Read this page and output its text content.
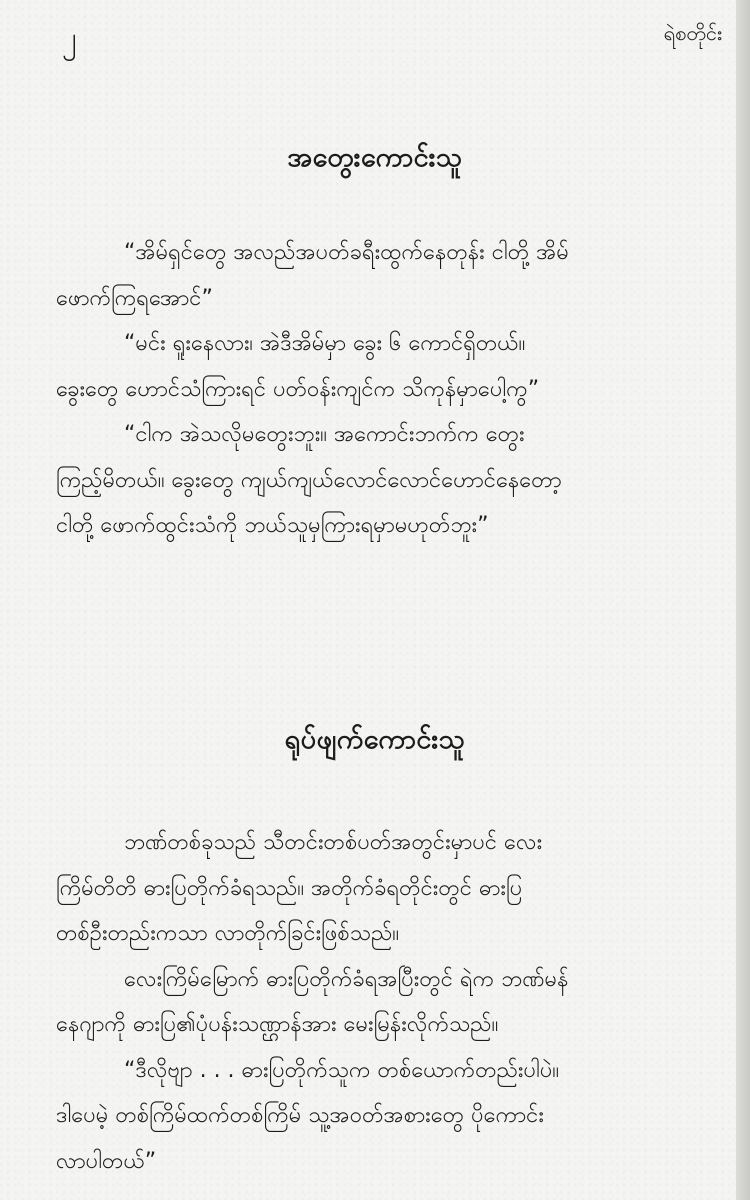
၂	ရဲစတိုင်း
အတွေးကောင်းသူ
“အိမ်ရှင်တွေ အလည်အပတ်ခရီးထွက်နေတုန်း ငါတို့ အိမ်
ဖောက်ကြရအောင်”
“မင်း ရူးနေလား၊ အဲဒီအိမ်မှာ ခွေး ၆ ကောင်ရှိတယ်။
ခွေးတွေ ဟောင်သံကြားရင် ပတ်ဝန်းကျင်က သိကုန်မှာပေါ့ကွ”
“ငါက အဲသလိုမတွေးဘူး။ အကောင်းဘက်က တွေး
ကြည့်မိတယ်။ ခွေးတွေ ကျယ်ကျယ်လောင်လောင်ဟောင်နေတော့
ငါတို့ ဖောက်ထွင်းသံကို ဘယ်သူမှကြားရမှာမဟုတ်ဘူး”
ရုပ်ဖျက်ကောင်းသူ
ဘဏ်တစ်ခုသည် သီတင်းတစ်ပတ်အတွင်းမှာပင် လေး
ကြိမ်တိတိ ဓားပြတိုက်ခံရသည်။ အတိုက်ခံရတိုင်းတွင် ဓားပြ
တစ်ဦးတည်းကသာ လာတိုက်ခြင်းဖြစ်သည်။
လေးကြိမ်မြောက် ဓားပြတိုက်ခံရအပြီးတွင် ရဲက ဘဏ်မန်
နေဂျာကို ဓားပြ၏ပုံပန်းသဏ္ဌာန်အား မေးမြန်းလိုက်သည်။
“ဒီလိုဗျာ . . . ဓားပြတိုက်သူက တစ်ယောက်တည်းပါပဲ။
ဒါပေမဲ့ တစ်ကြိမ်ထက်တစ်ကြိမ် သူ့အဝတ်အစားတွေ ပိုကောင်း
လာပါတယ်”
